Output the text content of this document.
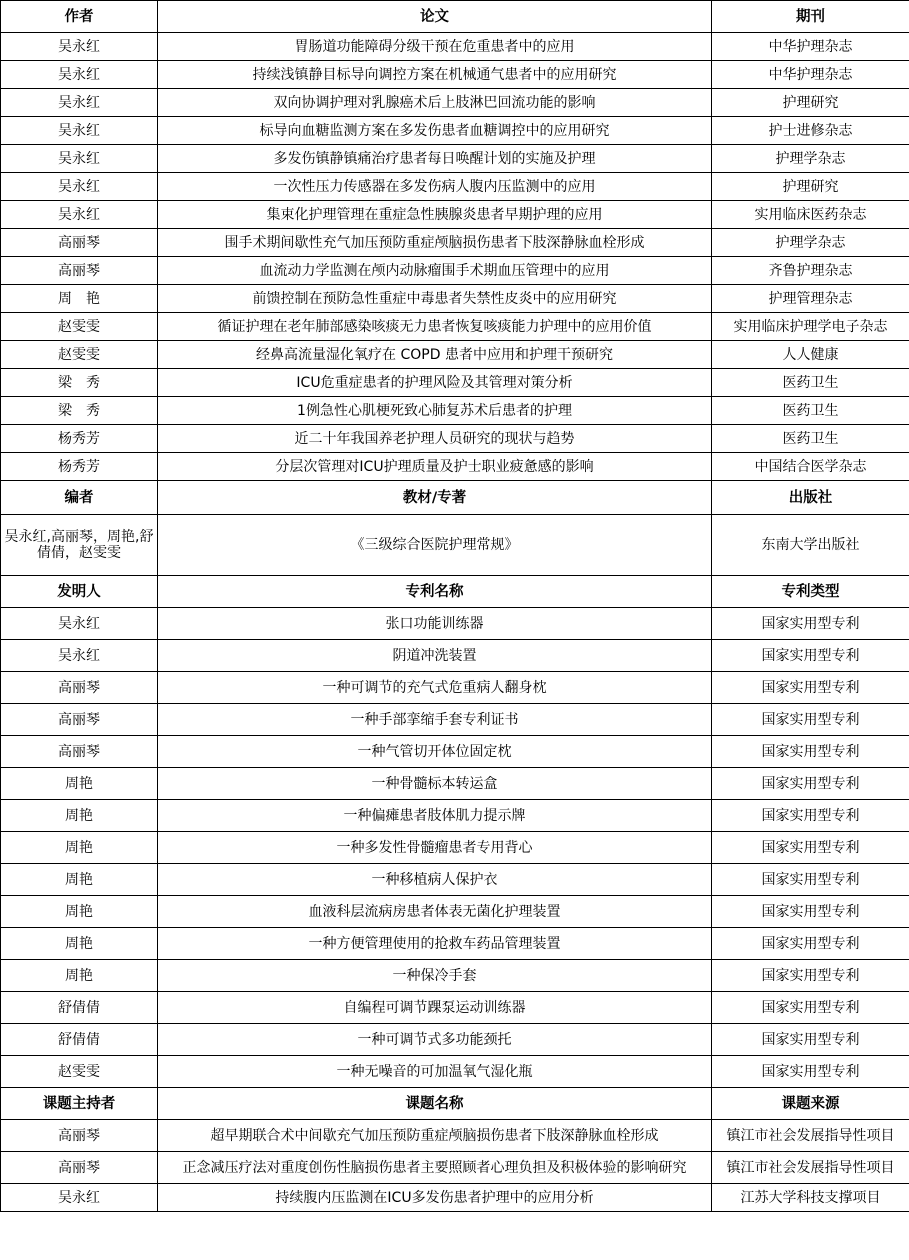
作者	论文	期刊
吴永红	胃肠道功能障碍分级干预在危重患者中的应用	中华护理杂志
吴永红	持续浅镇静目标导向调控方案在机械通气患者中的应用研究	中华护理杂志
吴永红	双向协调护理对乳腺癌术后上肢淋巴回流功能的影响	护理研究
吴永红	标导向血糖监测方案在多发伤患者血糖调控中的应用研究	护士进修杂志
吴永红	多发伤镇静镇痛治疗患者每日唤醒计划的实施及护理	护理学杂志
吴永红	一次性压力传感器在多发伤病人腹内压监测中的应用	护理研究
吴永红	集束化护理管理在重症急性胰腺炎患者早期护理的应用	实用临床医药杂志
高丽琴	围手术期间歇性充气加压预防重症颅脑损伤患者下肢深静脉血栓形成	护理学杂志
高丽琴	血流动力学监测在颅内动脉瘤围手术期血压管理中的应用	齐鲁护理杂志
周　艳	前馈控制在预防急性重症中毒患者失禁性皮炎中的应用研究	护理管理杂志
赵雯雯	循证护理在老年肺部感染咳痰无力患者恢复咳痰能力护理中的应用价值	实用临床护理学电子杂志
赵雯雯	经鼻高流量湿化氧疗在 COPD 患者中应用和护理干预研究	人人健康
梁　秀	ICU危重症患者的护理风险及其管理对策分析	医药卫生
梁　秀	1例急性心肌梗死致心肺复苏术后患者的护理	医药卫生
杨秀芳	近二十年我国养老护理人员研究的现状与趋势	医药卫生
杨秀芳	分层次管理对ICU护理质量及护士职业疲惫感的影响	中国结合医学杂志
编者	教材/专著	出版社
吴永红,高丽琴，周艳,舒倩倩，赵雯雯	《三级综合医院护理常规》	东南大学出版社
发明人	专利名称	专利类型
吴永红	张口功能训练器	国家实用型专利
吴永红	阴道冲洗装置	国家实用型专利
高丽琴	一种可调节的充气式危重病人翻身枕	国家实用型专利
高丽琴	一种手部挛缩手套专利证书	国家实用型专利
高丽琴	一种气管切开体位固定枕	国家实用型专利
周艳	一种骨髓标本转运盒	国家实用型专利
周艳	一种偏瘫患者肢体肌力提示牌	国家实用型专利
周艳	一种多发性骨髓瘤患者专用背心	国家实用型专利
周艳	一种移植病人保护衣	国家实用型专利
周艳	血液科层流病房患者体表无菌化护理装置	国家实用型专利
周艳	一种方便管理使用的抢救车药品管理装置	国家实用型专利
周艳	一种保冷手套	国家实用型专利
舒倩倩	自编程可调节踝泵运动训练器	国家实用型专利
舒倩倩	一种可调节式多功能颈托	国家实用型专利
赵雯雯	一种无噪音的可加温氧气湿化瓶	国家实用型专利
课题主持者	课题名称	课题来源
高丽琴	超早期联合术中间歇充气加压预防重症颅脑损伤患者下肢深静脉血栓形成	镇江市社会发展指导性项目
高丽琴	正念减压疗法对重度创伤性脑损伤患者主要照顾者心理负担及积极体验的影响研究	镇江市社会发展指导性项目
吴永红	持续腹内压监测在ICU多发伤患者护理中的应用分析	江苏大学科技支撑项目
